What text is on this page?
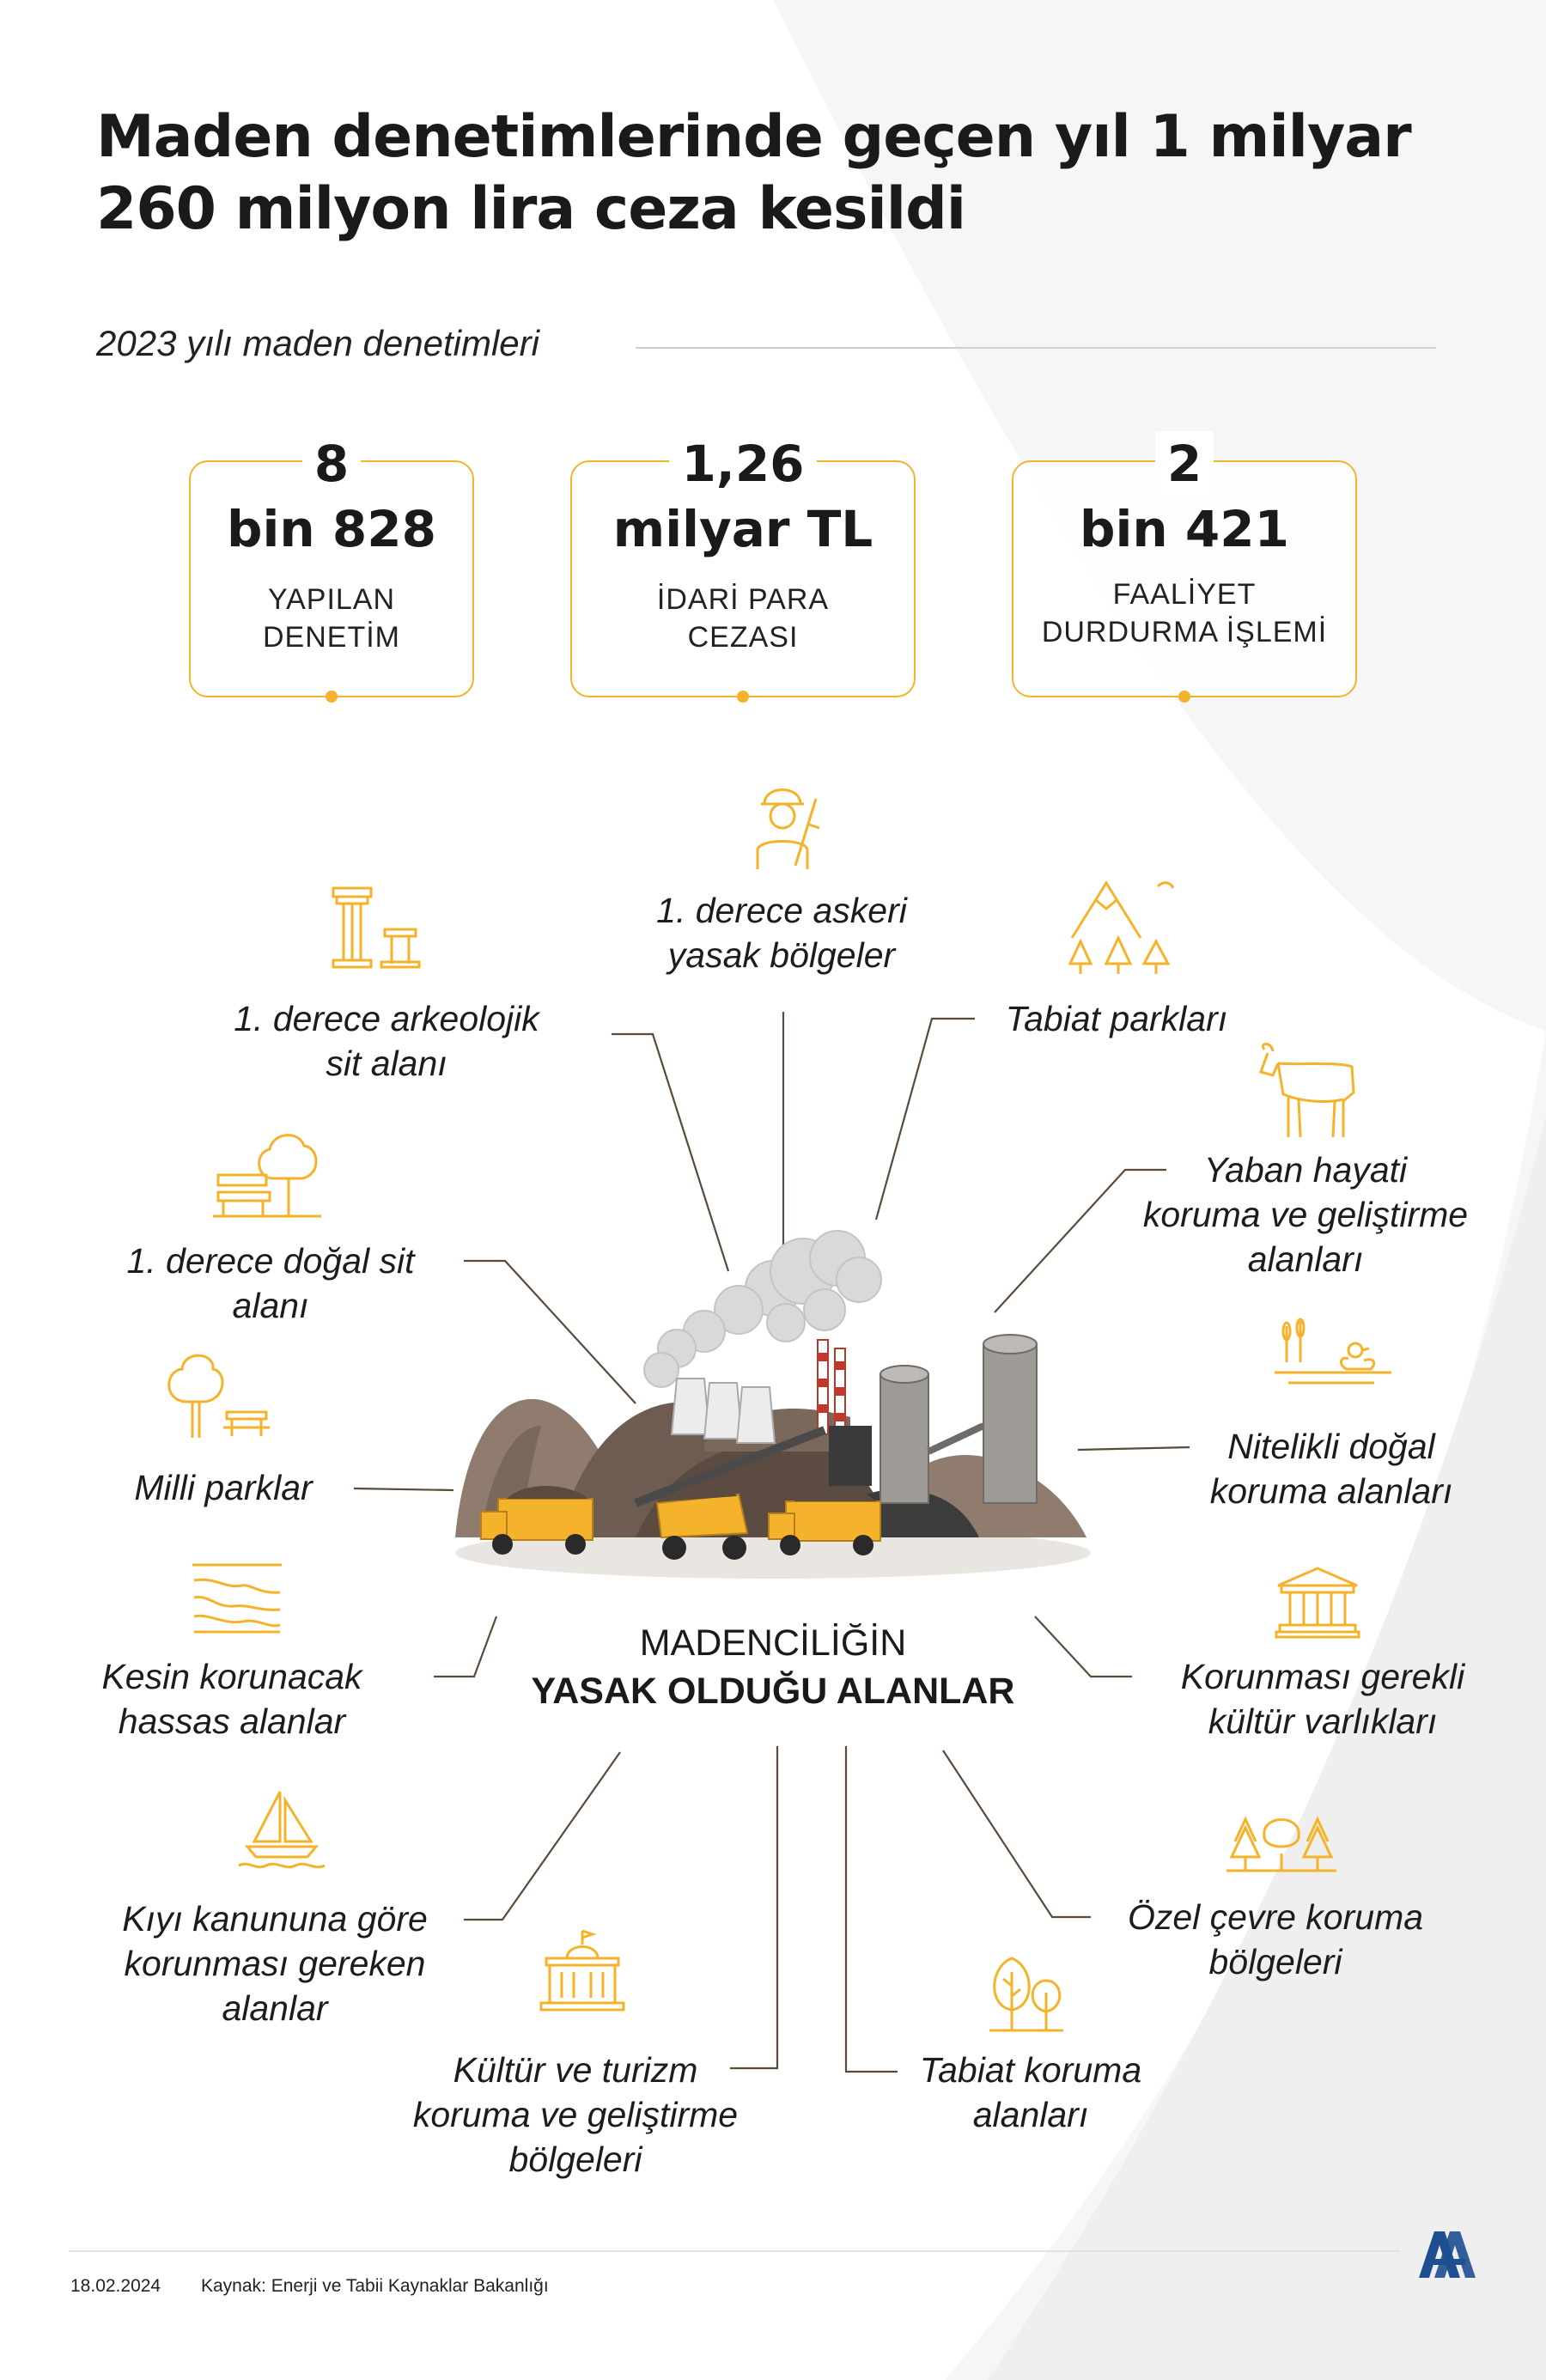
Maden denetimlerinde geçen yıl 1 milyar
260 milyon lira ceza kesildi
2023 yılı maden denetimleri
8
bin 828
YAPILAN
DENETİM
1,26
milyar TL
İDARİ PARA
CEZASI
2
bin 421
FAALİYET
DURDURMA İŞLEMİ
MADENCİLİĞİN
YASAK OLDUĞU ALANLAR
1. derece askeri
yasak bölgeler
1. derece arkeolojik
sit alanı
Tabiat parkları
Yaban hayati
koruma ve geliştirme
alanları
1. derece doğal sit
alanı
Nitelikli doğal
koruma alanları
Milli parklar
Kesin korunacak
hassas alanlar
Korunması gerekli
kültür varlıkları
Kıyı kanununa göre
korunması gereken
alanlar
Özel çevre koruma
bölgeleri
Kültür ve turizm
koruma ve geliştirme
bölgeleri
Tabiat koruma
alanları
18.02.2024 Kaynak: Enerji ve Tabii Kaynaklar Bakanlığı
